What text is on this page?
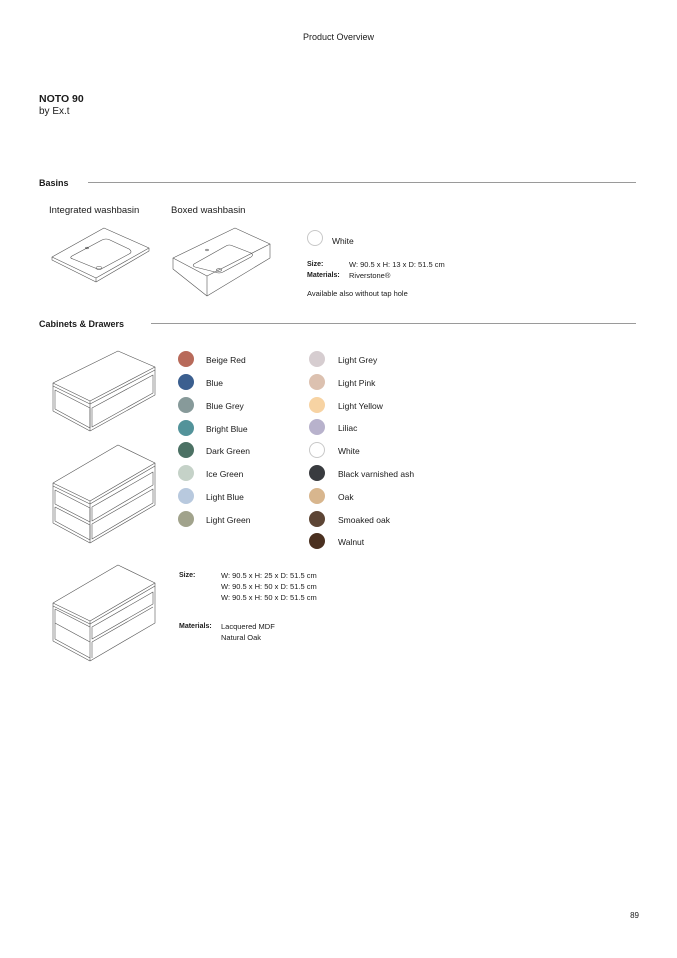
Product Overview
NOTO 90
by Ex.t
Basins
Integrated washbasin	Boxed washbasin
White
Size:	W: 90.5 x H: 13 x D: 51.5 cm
Materials: Riverstone®
Available also without tap hole
Cabinets & Drawers
Beige Red
Blue
Blue Grey
Bright Blue
Dark Green
Ice Green
Light Blue
Light Green
Light Grey
Light Pink
Light Yellow
Liliac
White
Black varnished ash
Oak
Smoaked oak
Walnut
Size:	W: 90.5 x H: 25 x D: 51.5 cm
W: 90.5 x H: 50 x D: 51.5 cm
W: 90.5 x H: 50 x D: 51.5 cm
Materials: Lacquered MDF
Natural Oak
89
